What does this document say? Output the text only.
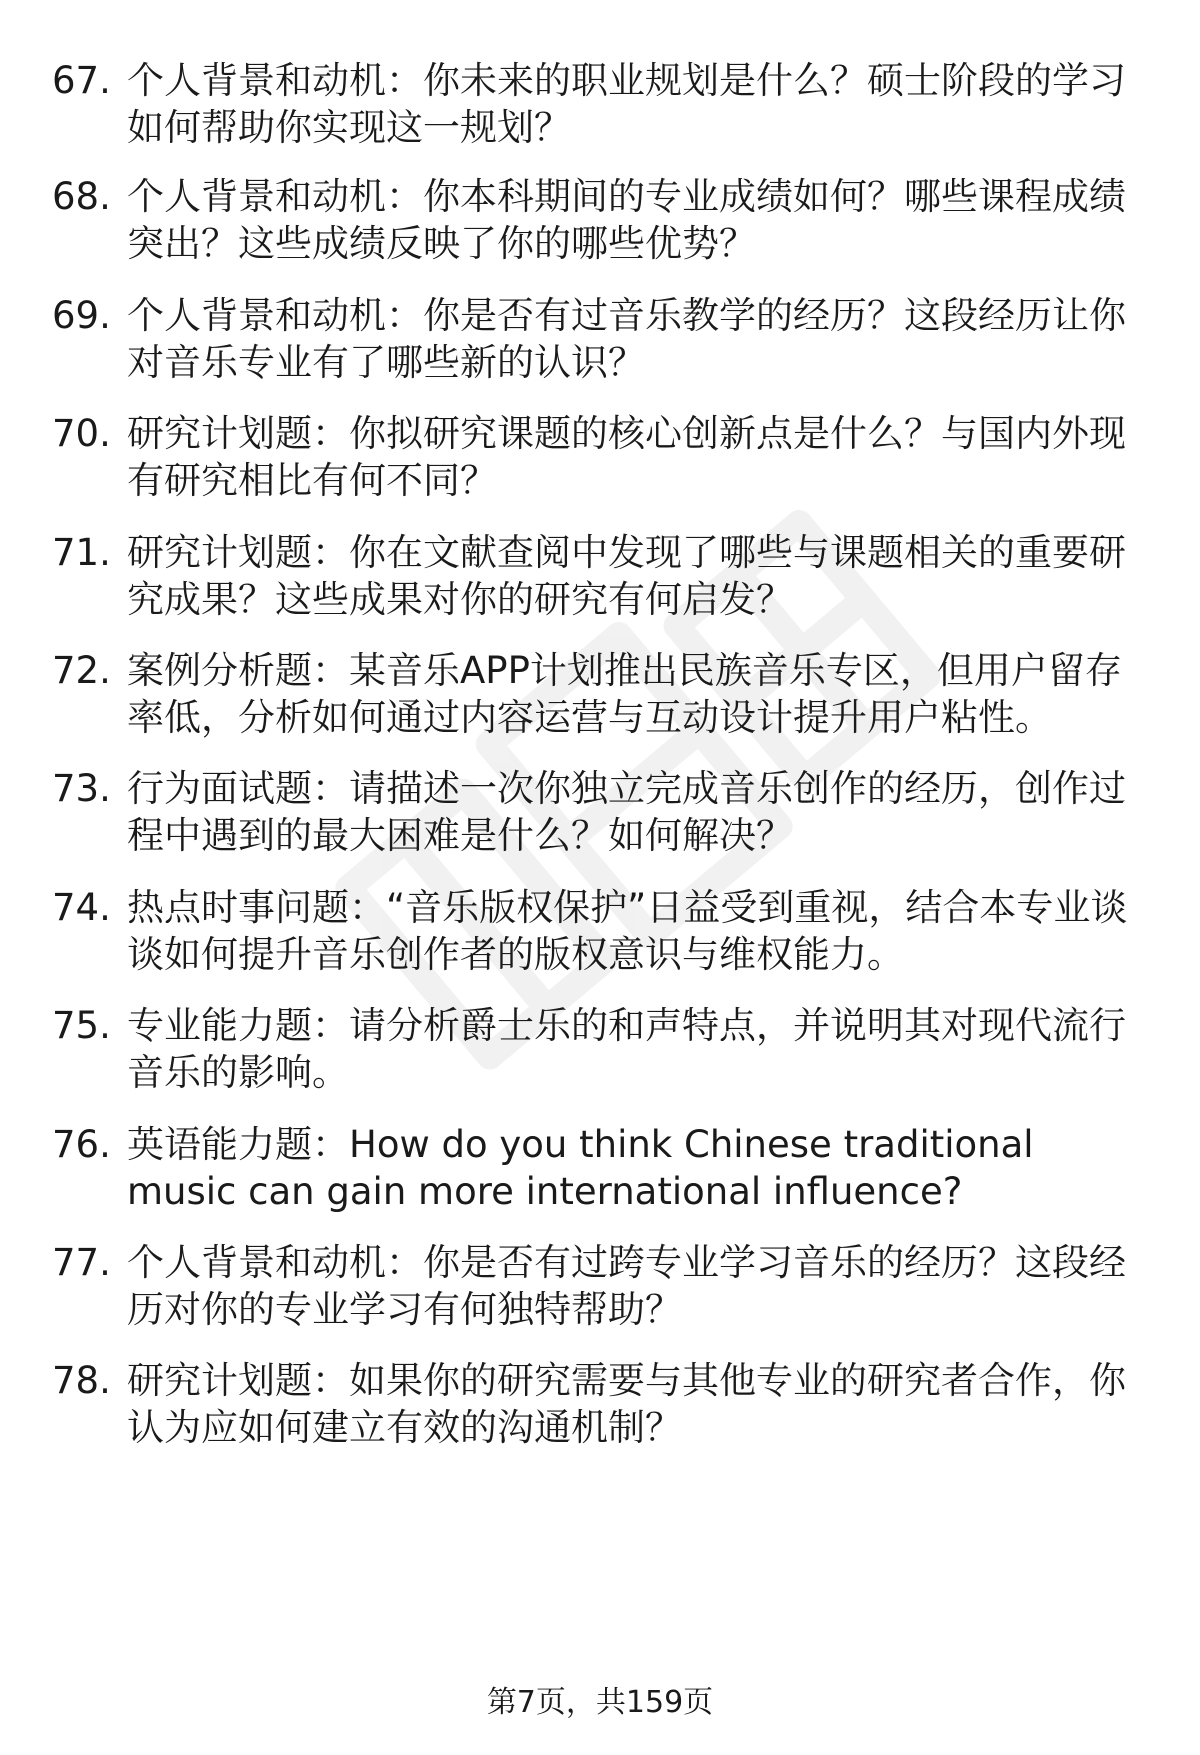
67. 个人背景和动机：你未来的职业规划是什么？硕士阶段的学习如何帮助你实现这一规划？
68. 个人背景和动机：你本科期间的专业成绩如何？哪些课程成绩突出？这些成绩反映了你的哪些优势？
69. 个人背景和动机：你是否有过音乐教学的经历？这段经历让你对音乐专业有了哪些新的认识？
70. 研究计划题：你拟研究课题的核心创新点是什么？与国内外现有研究相比有何不同？
71. 研究计划题：你在文献查阅中发现了哪些与课题相关的重要研究成果？这些成果对你的研究有何启发？
72. 案例分析题：某音乐APP计划推出民族音乐专区，但用户留存率低，分析如何通过内容运营与互动设计提升用户粘性。
73. 行为面试题：请描述一次你独立完成音乐创作的经历，创作过程中遇到的最大困难是什么？如何解决？
74. 热点时事问题：“音乐版权保护”日益受到重视，结合本专业谈谈如何提升音乐创作者的版权意识与维权能力。
75. 专业能力题：请分析爵士乐的和声特点，并说明其对现代流行音乐的影响。
76. 英语能力题：How do you think Chinese traditional music can gain more international influence?
77. 个人背景和动机：你是否有过跨专业学习音乐的经历？这段经历对你的专业学习有何独特帮助？
78. 研究计划题：如果你的研究需要与其他专业的研究者合作，你认为应如何建立有效的沟通机制？
第7页，共159页
